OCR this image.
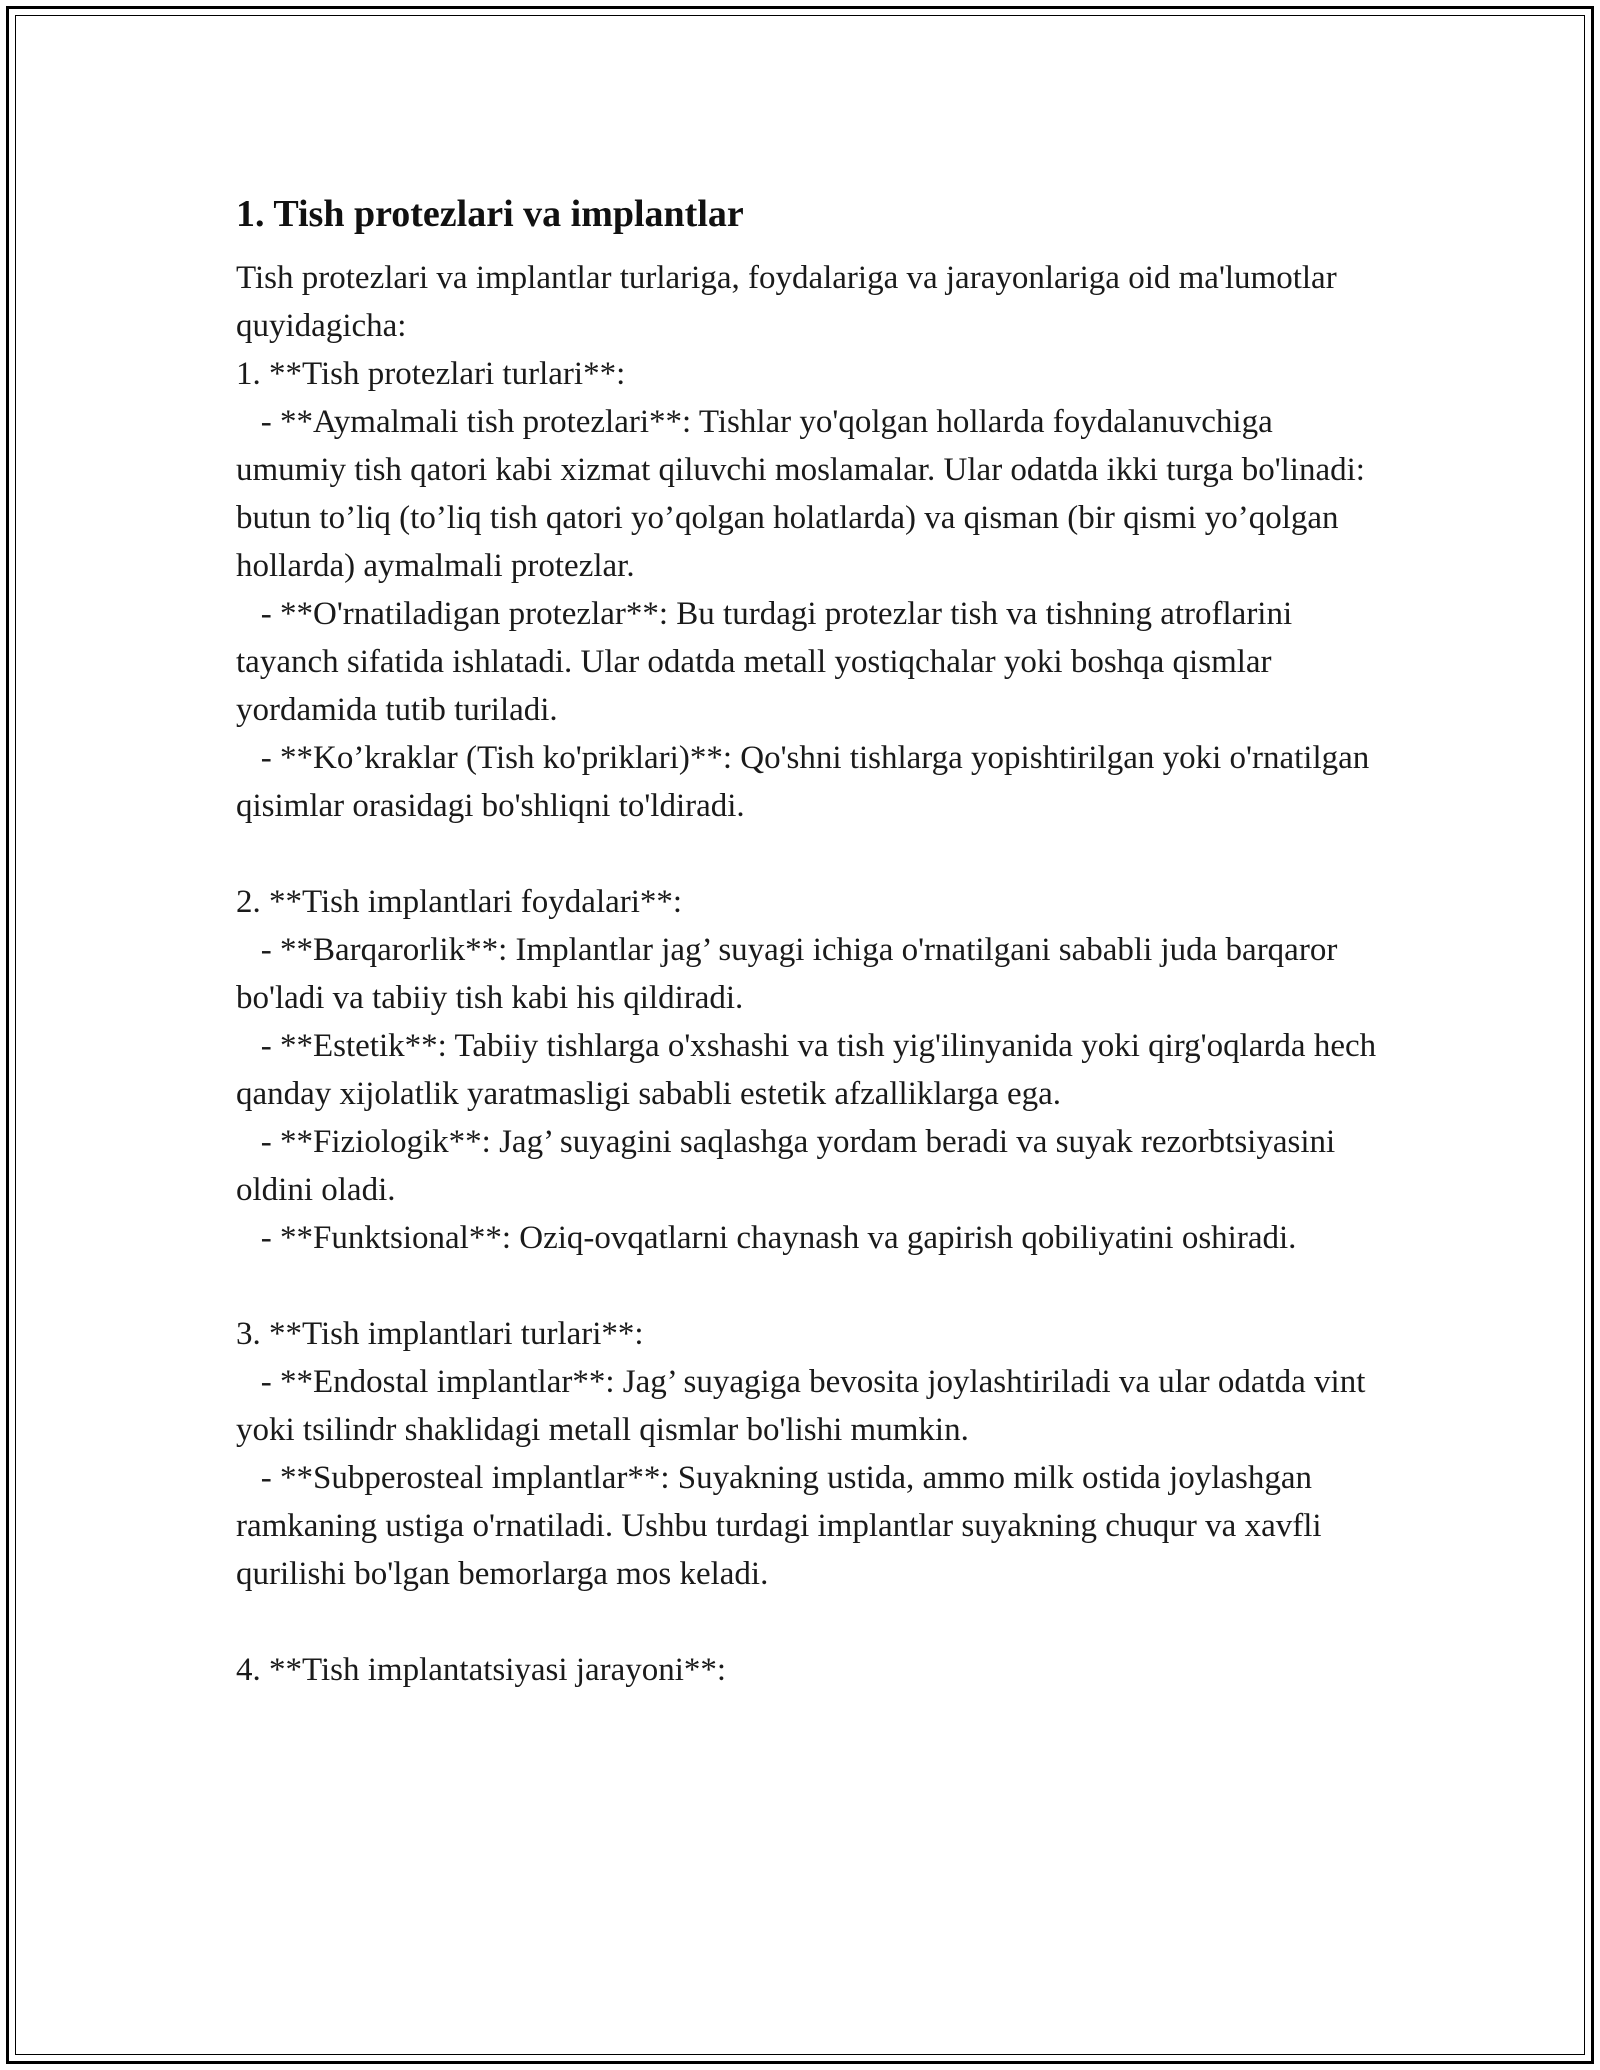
1. Tish protezlari va implantlar

Tish protezlari va implantlar turlariga, foydalariga va jarayonlariga oid ma'lumotlar quyidagicha:

1. **Tish protezlari turlari**:
- **Aymalmali tish protezlari**: Tishlar yo'qolgan hollarda foydalanuvchiga umumiy tish qatori kabi xizmat qiluvchi moslamalar. Ular odatda ikki turga bo'linadi: butun to’liq (to’liq tish qatori yo’qolgan holatlarda) va qisman (bir qismi yo’qolgan hollarda) aymalmali protezlar.
- **O'rnatiladigan protezlar**: Bu turdagi protezlar tish va tishning atroflarini tayanch sifatida ishlatadi. Ular odatda metall yostiqchalar yoki boshqa qismlar yordamida tutib turiladi.
- **Ko’kraklar (Tish ko'priklari)**: Qo'shni tishlarga yopishtirilgan yoki o'rnatilgan qisimlar orasidagi bo'shliqni to'ldiradi.

2. **Tish implantlari foydalari**:
- **Barqarorlik**: Implantlar jag’ suyagi ichiga o'rnatilgani sababli juda barqaror bo'ladi va tabiiy tish kabi his qildiradi.
- **Estetik**: Tabiiy tishlarga o'xshashi va tish yig'ilinyanida yoki qirg'oqlarda hech qanday xijolatlik yaratmasligi sababli estetik afzalliklarga ega.
- **Fiziologik**: Jag’ suyagini saqlashga yordam beradi va suyak rezorbtsiyasini oldini oladi.
- **Funktsional**: Oziq-ovqatlarni chaynash va gapirish qobiliyatini oshiradi.

3. **Tish implantlari turlari**:
- **Endostal implantlar**: Jag’ suyagiga bevosita joylashtiriladi va ular odatda vint yoki tsilindr shaklidagi metall qismlar bo'lishi mumkin.
- **Subperosteal implantlar**: Suyakning ustida, ammo milk ostida joylashgan ramkaning ustiga o'rnatiladi. Ushbu turdagi implantlar suyakning chuqur va xavfli qurilishi bo'lgan bemorlarga mos keladi.

4. **Tish implantatsiyasi jarayoni**:
